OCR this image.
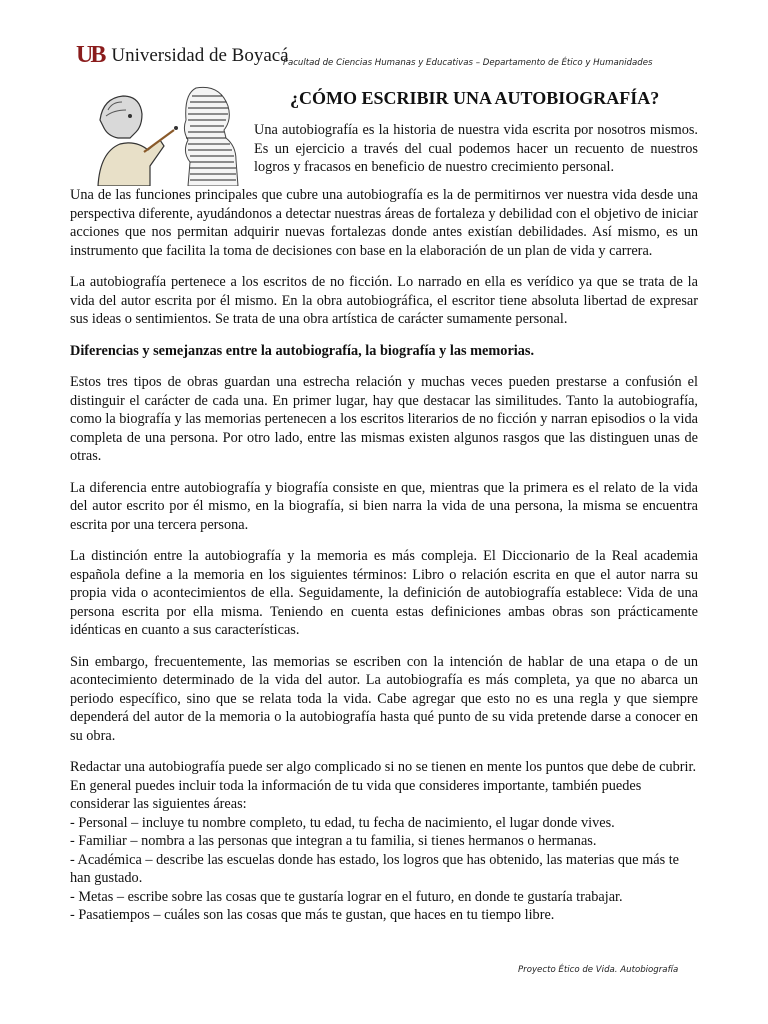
UB Universidad de Boyacá
Facultad de Ciencias Humanas y Educativas – Departamento de Ético y Humanidades
¿CÓMO ESCRIBIR UNA AUTOBIOGRAFÍA?
Una autobiografía es la historia de nuestra vida escrita por nosotros mismos. Es un ejercicio a través del cual podemos hacer un recuento de nuestros logros y fracasos en beneficio de nuestro crecimiento personal.

Una de las funciones principales que cubre una autobiografía es la de permitirnos ver nuestra vida desde una perspectiva diferente, ayudándonos a detectar nuestras áreas de fortaleza y debilidad con el objetivo de iniciar acciones que nos permitan adquirir nuevas fortalezas donde antes existían debilidades. Así mismo, es un instrumento que facilita la toma de decisiones con base en la elaboración de un plan de vida y carrera.

La autobiografía pertenece a los escritos de no ficción. Lo narrado en ella es verídico ya que se trata de la vida del autor escrita por él mismo. En la obra autobiográfica, el escritor tiene absoluta libertad de expresar sus ideas o sentimientos. Se trata de una obra artística de carácter sumamente personal.

Diferencias y semejanzas entre la autobiografía, la biografía y las memorias.

Estos tres tipos de obras guardan una estrecha relación y muchas veces pueden prestarse a confusión el distinguir el carácter de cada una. En primer lugar, hay que destacar las similitudes. Tanto la autobiografía, como la biografía y las memorias pertenecen a los escritos literarios de no ficción y narran episodios o la vida completa de una persona. Por otro lado, entre las mismas existen algunos rasgos que las distinguen unas de otras.

La diferencia entre autobiografía y biografía consiste en que, mientras que la primera es el relato de la vida del autor escrito por él mismo, en la biografía, si bien narra la vida de una persona, la misma se encuentra escrita por una tercera persona.

La distinción entre la autobiografía y la memoria es más compleja. El Diccionario de la Real academia española define a la memoria en los siguientes términos: Libro o relación escrita en que el autor narra su propia vida o acontecimientos de ella. Seguidamente, la definición de autobiografía establece: Vida de una persona escrita por ella misma. Teniendo en cuenta estas definiciones ambas obras son prácticamente idénticas en cuanto a sus características.

Sin embargo, frecuentemente, las memorias se escriben con la intención de hablar de una etapa o de un acontecimiento determinado de la vida del autor. La autobiografía es más completa, ya que no abarca un periodo específico, sino que se relata toda la vida. Cabe agregar que esto no es una regla y que siempre dependerá del autor de la memoria o la autobiografía hasta qué punto de su vida pretende darse a conocer en su obra.

Redactar una autobiografía puede ser algo complicado si no se tienen en mente los puntos que debe de cubrir. En general puedes incluir toda la información de tu vida que consideres importante, también puedes considerar las siguientes áreas:
- Personal – incluye tu nombre completo, tu edad, tu fecha de nacimiento, el lugar donde vives.
- Familiar – nombra a las personas que integran a tu familia, si tienes hermanos o hermanas.
- Académica – describe las escuelas donde has estado, los logros que has obtenido, las materias que más te han gustado.
- Metas – escribe sobre las cosas que te gustaría lograr en el futuro, en donde te gustaría trabajar.
- Pasatiempos – cuáles son las cosas que más te gustan, que haces en tu tiempo libre.
Proyecto Ético de Vida. Autobiografía
